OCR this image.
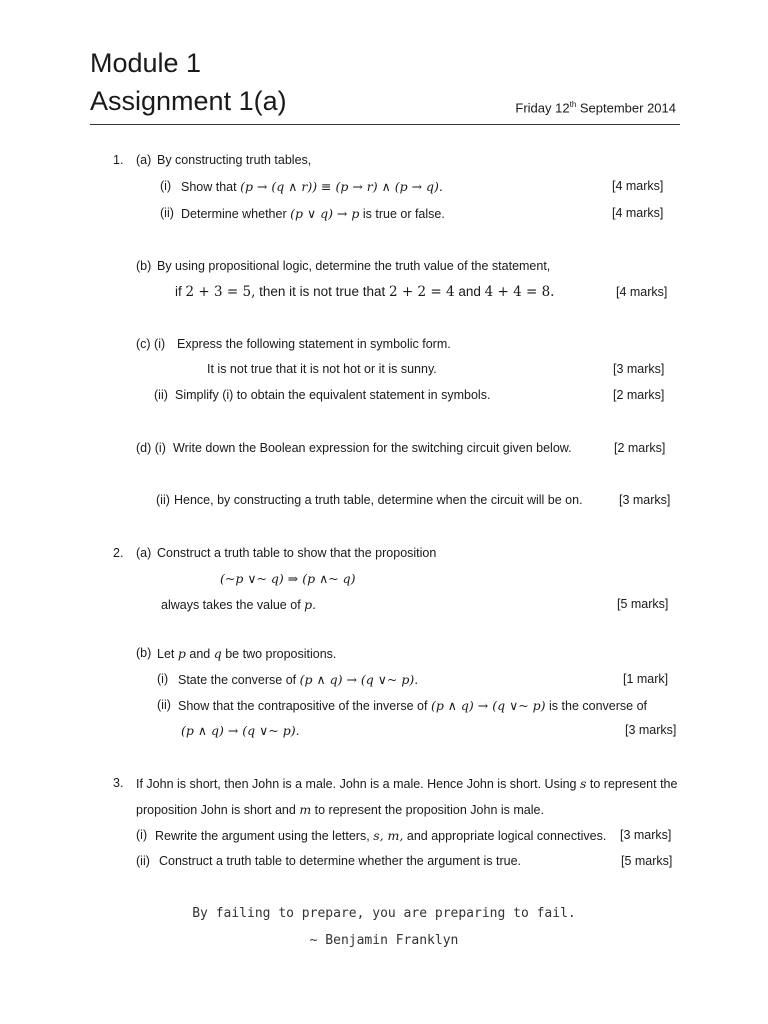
Module 1
Assignment 1(a)	Friday 12th September 2014
1. (a) By constructing truth tables,
(i) Show that (p → (q ∧ r)) ≡ (p → r) ∧ (p → q).	[4 marks]
(ii) Determine whether (p ∨ q) → p is true or false.	[4 marks]
(b) By using propositional logic, determine the truth value of the statement,
if 2 + 3 = 5, then it is not true that 2 + 2 = 4 and 4 + 4 = 8.	[4 marks]
(c) (i) Express the following statement in symbolic form.
It is not true that it is not hot or it is sunny.	[3 marks]
(ii) Simplify (i) to obtain the equivalent statement in symbols.	[2 marks]
(d) (i) Write down the Boolean expression for the switching circuit given below.	[2 marks]
(ii) Hence, by constructing a truth table, determine when the circuit will be on.	[3 marks]
2. (a) Construct a truth table to show that the proposition
(~p ∨~ q) ⇒ (p ∧~ q)
always takes the value of p.	[5 marks]
(b) Let p and q be two propositions.
(i) State the converse of (p ∧ q) → (q ∨~ p).	[1 mark]
(ii) Show that the contrapositive of the inverse of (p ∧ q) → (q ∨~ p) is the converse of
(p ∧ q) → (q ∨~ p).	[3 marks]
3. If John is short, then John is a male. John is a male. Hence John is short. Using s to represent the
proposition John is short and m to represent the proposition John is male.
(i) Rewrite the argument using the letters, s, m, and appropriate logical connectives. [3 marks]
(ii) Construct a truth table to determine whether the argument is true.	[5 marks]
By failing to prepare, you are preparing to fail.
~ Benjamin Franklyn
